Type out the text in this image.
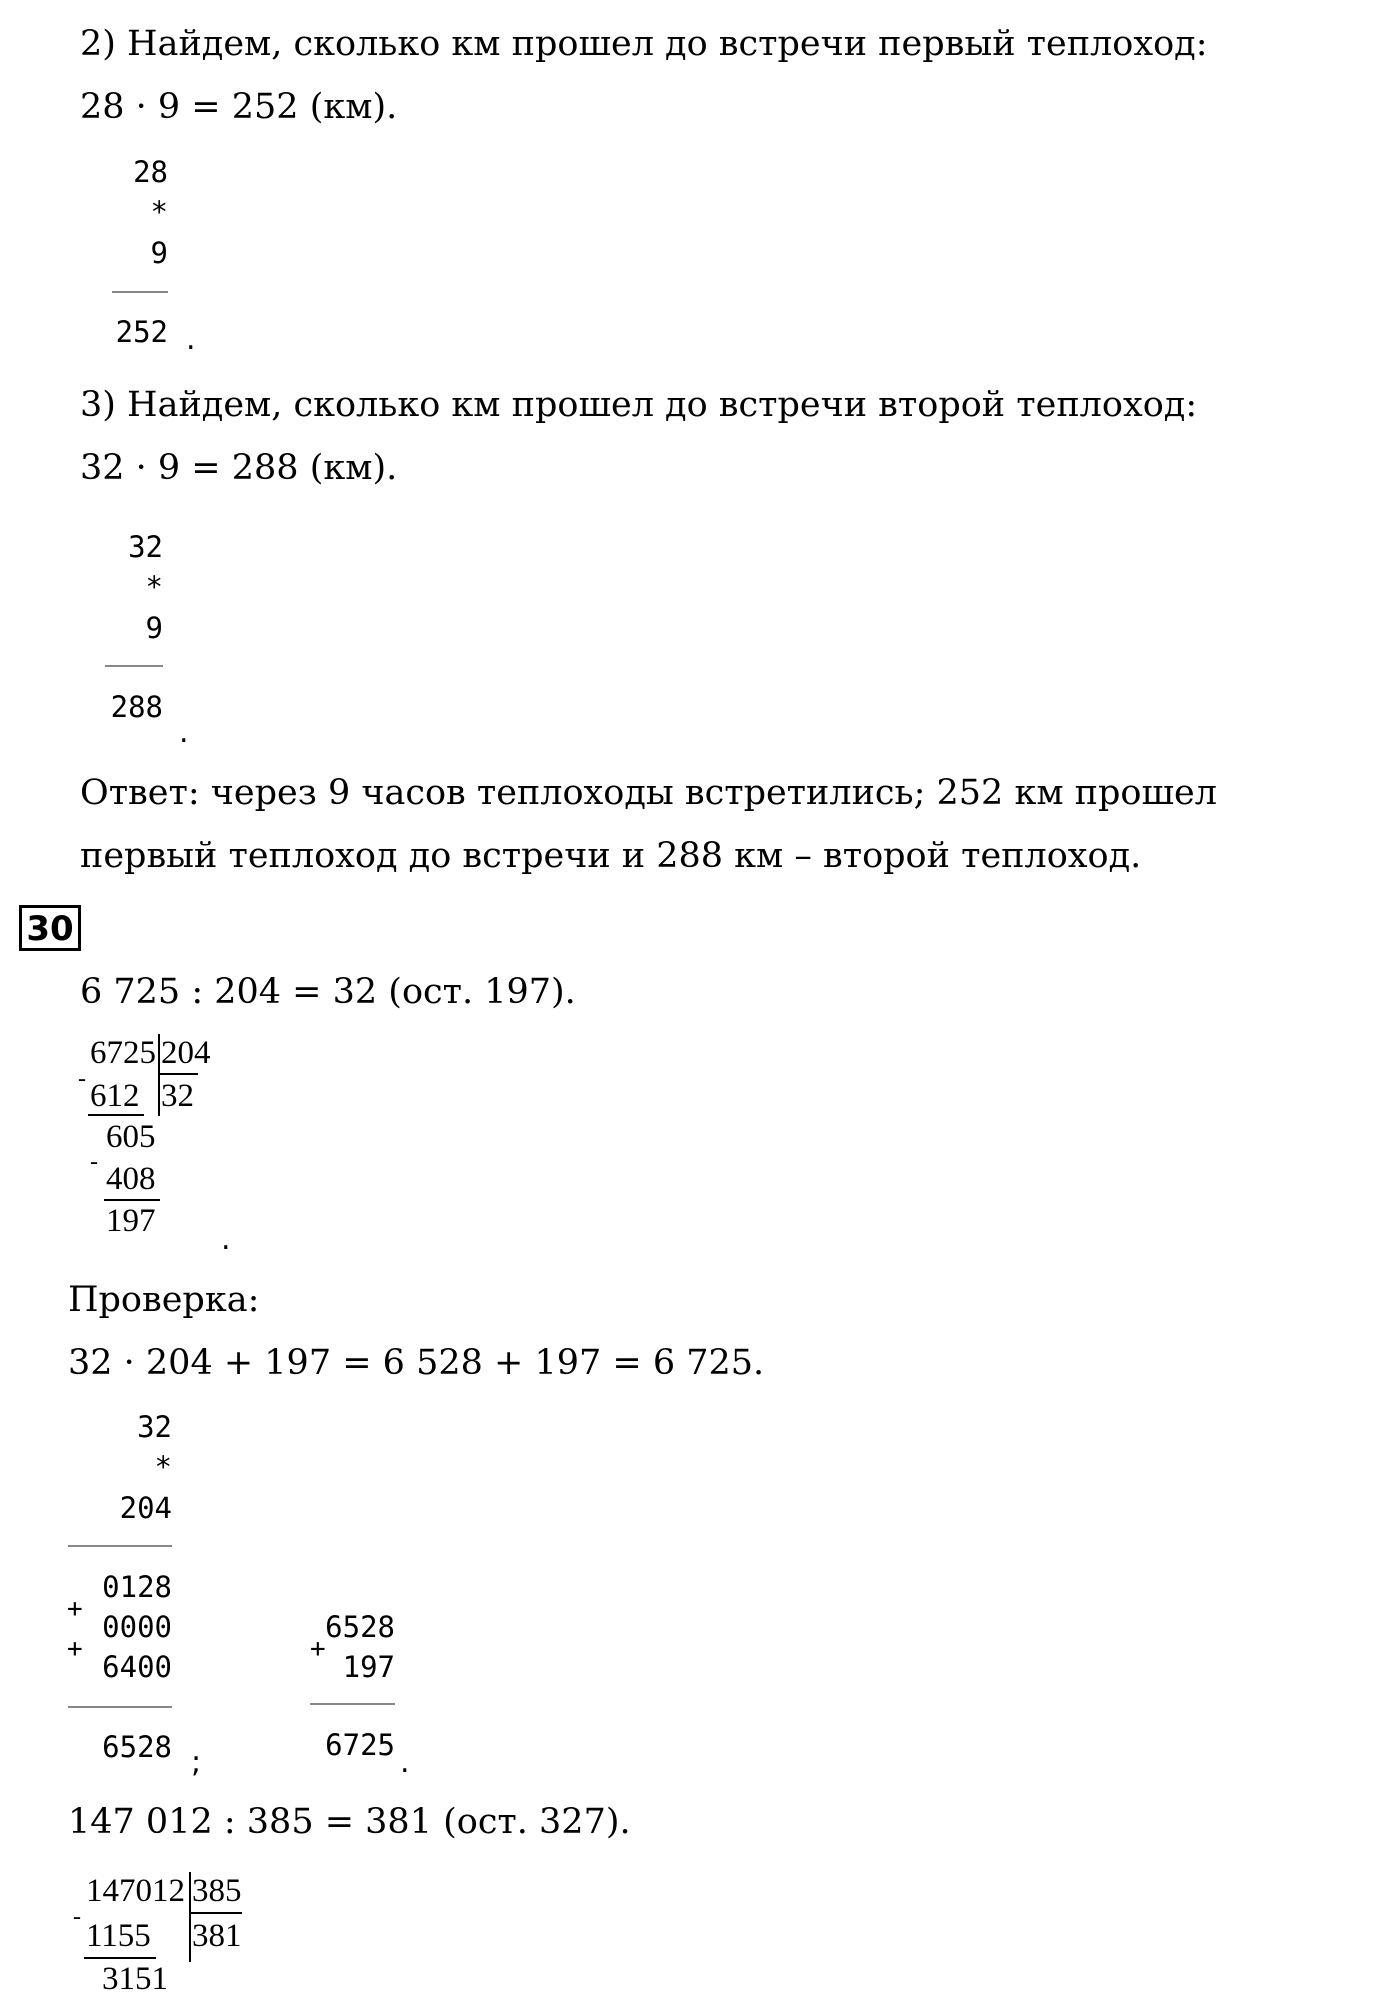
2) Найдем, сколько км прошел до встречи первый теплоход:
28 · 9 = 252 (км).
28
*
9
252 .
3) Найдем, сколько км прошел до встречи второй теплоход:
32 · 9 = 288 (км).
32
*
9
288
.
Ответ: через 9 часов теплоходы встретились; 252 км прошел
первый теплоход до встречи и 288 км – второй теплоход.
30
6 725 : 204 = 32 (ост. 197).
6725 204
- 612 32
605
- 408
197
.
Проверка:
32 · 204 + 197 = 6 528 + 197 = 6 725.
32
*
204
0128
+
0000
+
6400
6528 ;
6528
+
197
6725 .
147 012 : 385 = 381 (ост. 327).
147012 385
-
1155 381
3151
